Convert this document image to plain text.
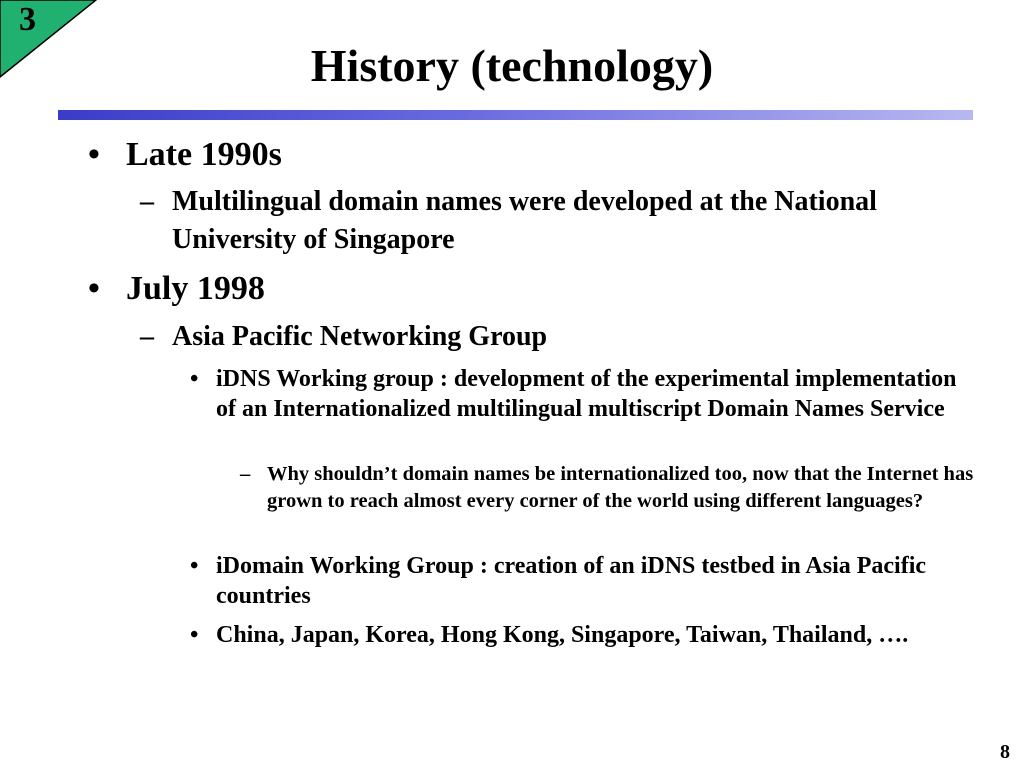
3
History (technology)
• Late 1990s
– Multilingual domain names were developed at the National University of Singapore
• July 1998
– Asia Pacific Networking Group
• iDNS Working group : development of the experimental implementation of an Internationalized multilingual multiscript Domain Names Service
– Why shouldn’t domain names be internationalized too, now that the Internet has grown to reach almost every corner of the world using different languages?
• iDomain Working Group : creation of an iDNS testbed in Asia Pacific countries
• China, Japan, Korea, Hong Kong, Singapore, Taiwan, Thailand, ….
8
